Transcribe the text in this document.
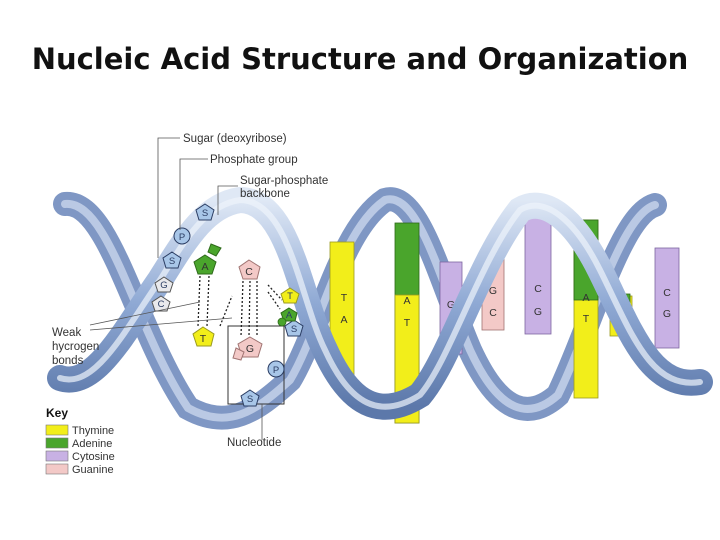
Nucleic Acid Structure and Organization
T
A
A
T
G
C
G
C
C
G
A
T	A
T
C
G
S
S
S
S
P
P
A	C
T
G
G
C
T
A
Sugar (deoxyribose)
Phosphate group
Sugar-phosphate
backbone
Weak
hycrogen
bonds
Nucleotide
Key
Thymine
Adenine
Cytosine
Guanine
